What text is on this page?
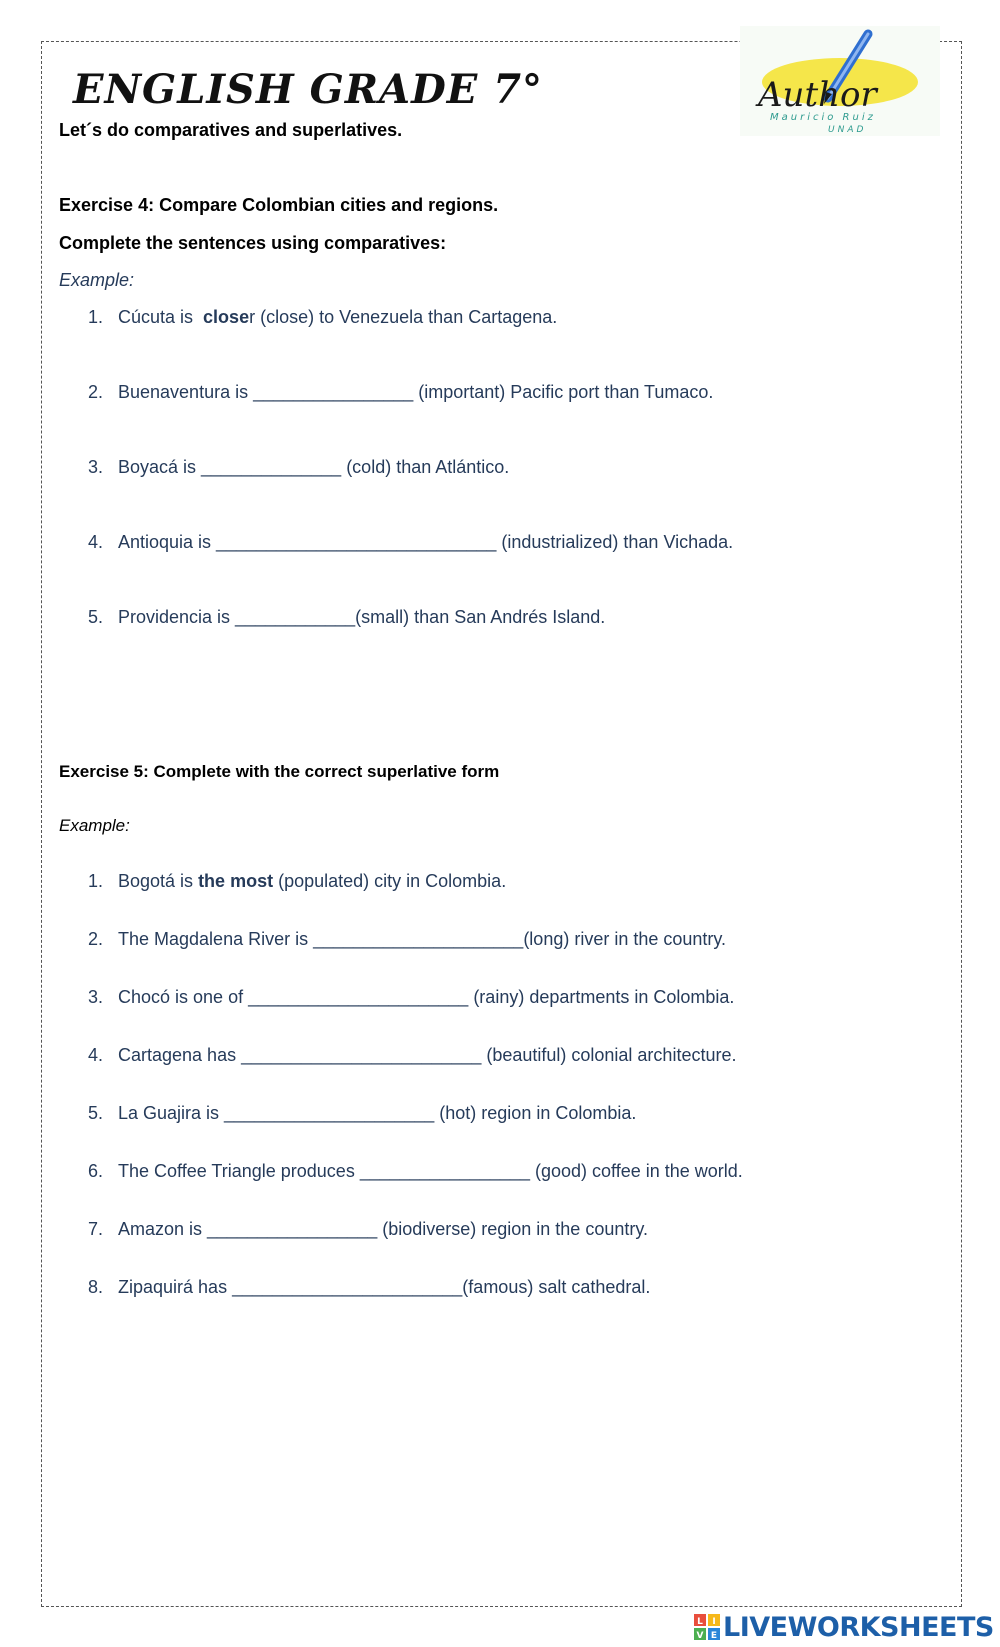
ENGLISH GRADE 7°	Author
Mauricio Ruiz
UNAD
Let´s do comparatives and superlatives.
Exercise 4: Compare Colombian cities and regions.
Complete the sentences using comparatives:
Example:
1. Cúcuta is  closer (close) to Venezuela than Cartagena.
2. Buenaventura is ________________ (important) Pacific port than Tumaco.
3. Boyacá is ______________ (cold) than Atlántico.
4. Antioquia is ____________________________ (industrialized) than Vichada.
5. Providencia is ____________(small) than San Andrés Island.
Exercise 5: Complete with the correct superlative form
Example:
1. Bogotá is the most (populated) city in Colombia.
2. The Magdalena River is _____________________(long) river in the country.
3. Chocó is one of ______________________ (rainy) departments in Colombia.
4. Cartagena has ________________________ (beautiful) colonial architecture.
5. La Guajira is _____________________ (hot) region in Colombia.
6. The Coffee Triangle produces _________________ (good) coffee in the world.
7. Amazon is _________________ (biodiverse) region in the country.
8. Zipaquirá has _______________________(famous) salt cathedral.
L I
V E LIVEWORKSHEETS
